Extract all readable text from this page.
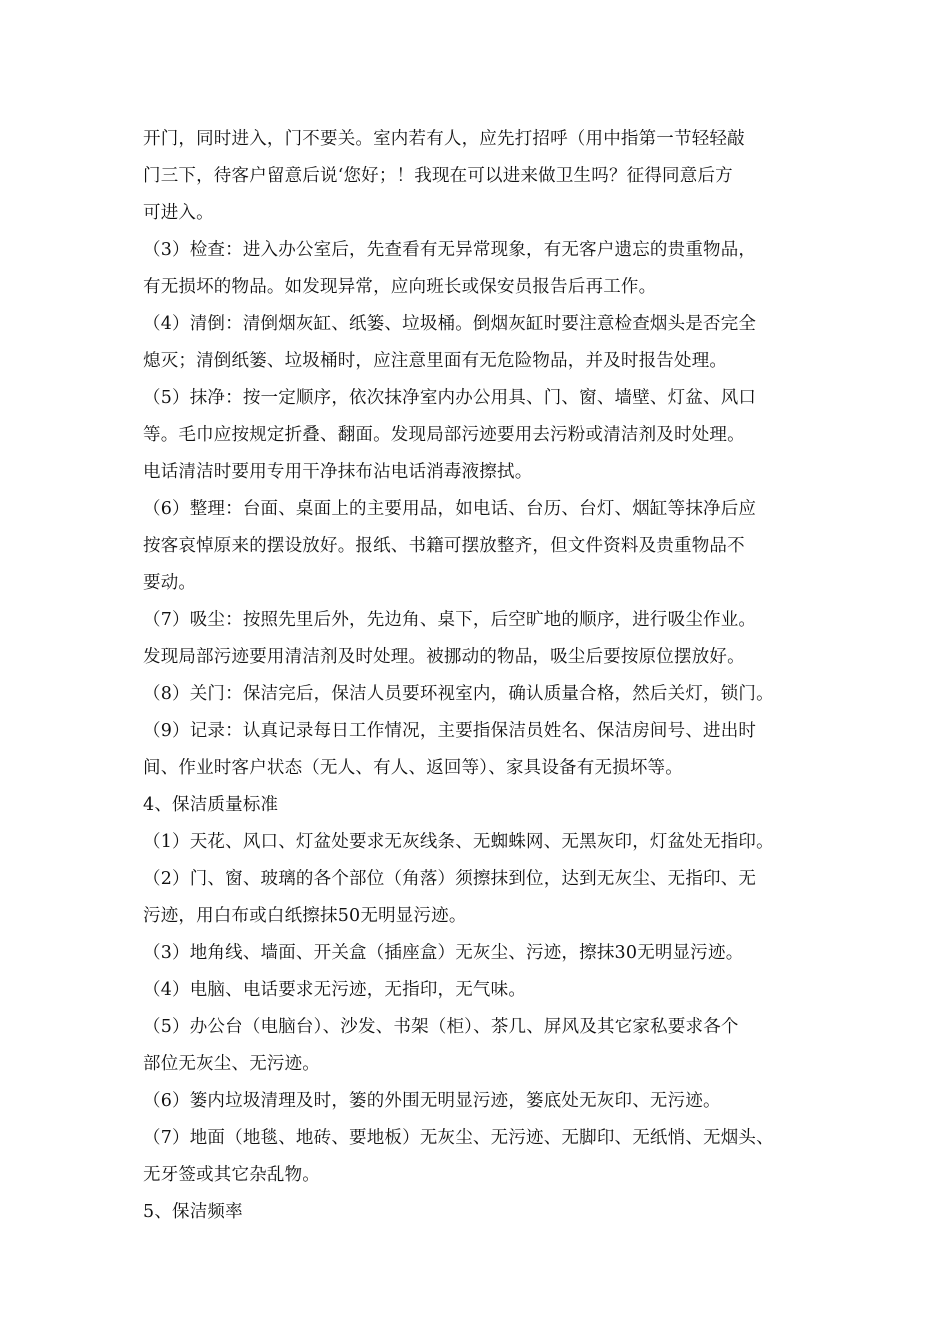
开门，同时进入，门不要关。室内若有人，应先打招呼（用中指第一节轻轻敲
门三下，待客户留意后说‘您好；！我现在可以进来做卫生吗？征得同意后方
可进入。
（3）检查：进入办公室后，先查看有无异常现象，有无客户遗忘的贵重物品，
有无损坏的物品。如发现异常，应向班长或保安员报告后再工作。
（4）清倒：清倒烟灰缸、纸篓、垃圾桶。倒烟灰缸时要注意检查烟头是否完全
熄灭；清倒纸篓、垃圾桶时，应注意里面有无危险物品，并及时报告处理。
（5）抹净：按一定顺序，依次抹净室内办公用具、门、窗、墙壁、灯盆、风口
等。毛巾应按规定折叠、翻面。发现局部污迹要用去污粉或清洁剂及时处理。
电话清洁时要用专用干净抹布沾电话消毒液擦拭。
（6）整理：台面、桌面上的主要用品，如电话、台历、台灯、烟缸等抹净后应
按客哀悼原来的摆设放好。报纸、书籍可摆放整齐，但文件资料及贵重物品不
要动。
（7）吸尘：按照先里后外，先边角、桌下，后空旷地的顺序，进行吸尘作业。
发现局部污迹要用清洁剂及时处理。被挪动的物品，吸尘后要按原位摆放好。
（8）关门：保洁完后，保洁人员要环视室内，确认质量合格，然后关灯，锁门。
（9）记录：认真记录每日工作情况，主要指保洁员姓名、保洁房间号、进出时
间、作业时客户状态（无人、有人、返回等）、家具设备有无损坏等。
4、保洁质量标准
（1）天花、风口、灯盆处要求无灰线条、无蜘蛛网、无黑灰印，灯盆处无指印。
（2）门、窗、玻璃的各个部位（角落）须擦抹到位，达到无灰尘、无指印、无
污迹，用白布或白纸擦抹50无明显污迹。
（3）地角线、墙面、开关盒（插座盒）无灰尘、污迹，擦抹30无明显污迹。
（4）电脑、电话要求无污迹，无指印，无气味。
（5）办公台（电脑台）、沙发、书架（柜）、茶几、屏风及其它家私要求各个
部位无灰尘、无污迹。
（6）篓内垃圾清理及时，篓的外围无明显污迹，篓底处无灰印、无污迹。
（7）地面（地毯、地砖、要地板）无灰尘、无污迹、无脚印、无纸悄、无烟头、
无牙签或其它杂乱物。
5、保洁频率
